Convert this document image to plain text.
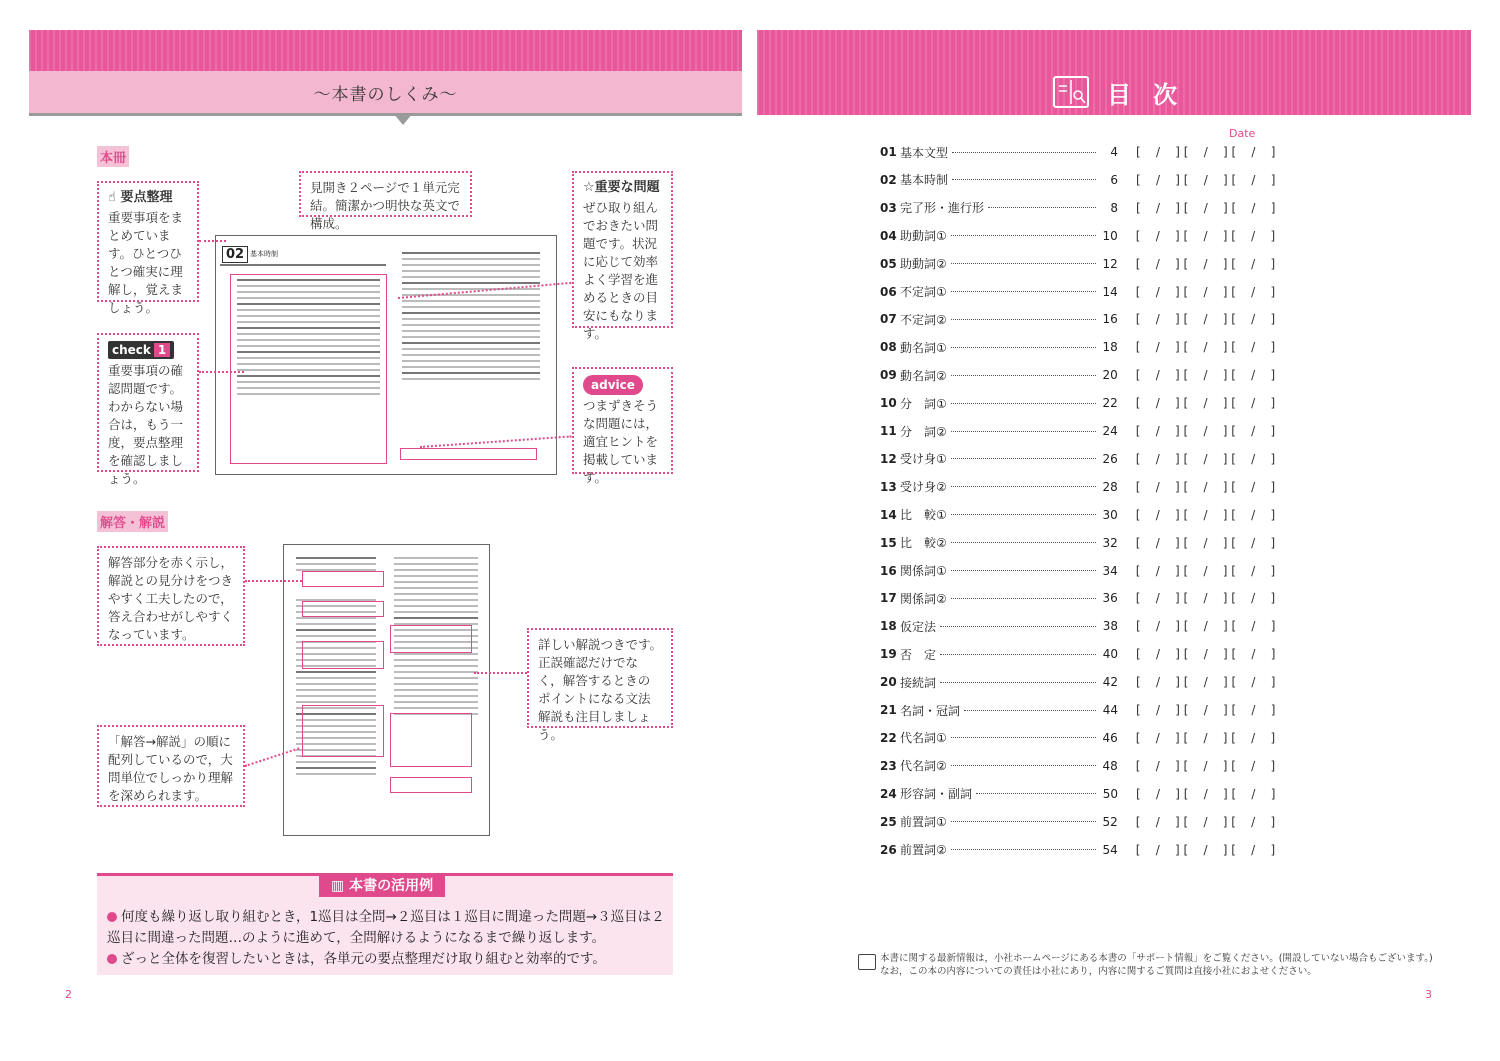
～本書のしくみ～	目次
本冊
解答・解説
☝ 要点整理
重要事項をまとめています。ひとつひとつ確実に理解し，覚えましょう。
check 1
重要事項の確認問題です。わからない場合は，もう一度，要点整理を確認しましょう。
見開き２ページで１単元完結。簡潔かつ明快な英文で構成。
☆重要な問題
ぜひ取り組んでおきたい問題です。状況に応じて効率よく学習を進めるときの目安にもなります。
advice
つまずきそうな問題には，適宜ヒントを掲載しています。
02 基本時制
解答部分を赤く示し，解説との見分けをつきやすく工夫したので，答え合わせがしやすくなっています。
「解答→解説」の順に配列しているので，大問単位でしっかり理解を深められます。
詳しい解説つきです。正誤確認だけでなく，解答するときのポイントになる文法解説も注目しましょう。
▥ 本書の活用例
何度も繰り返し取り組むとき，1巡目は全問→２巡目は１巡目に間違った問題→３巡目は２巡目に間違った問題…のように進めて，全問解けるようになるまで繰り返します。
ざっと全体を復習したいときは，各単元の要点整理だけ取り組むと効率的です。
2	3
Date
01 基本文型	4 [    /    ] [    /    ] [    /    ]
02 基本時制	6 [    /    ] [    /    ] [    /    ]
03 完了形・進行形	8 [    /    ] [    /    ] [    /    ]
04 助動詞①	10 [    /    ] [    /    ] [    /    ]
05 助動詞②	12 [    /    ] [    /    ] [    /    ]
06 不定詞①	14 [    /    ] [    /    ] [    /    ]
07 不定詞②	16 [    /    ] [    /    ] [    /    ]
08 動名詞①	18 [    /    ] [    /    ] [    /    ]
09 動名詞②	20 [    /    ] [    /    ] [    /    ]
10 分　詞①	22 [    /    ] [    /    ] [    /    ]
11 分　詞②	24 [    /    ] [    /    ] [    /    ]
12 受け身①	26 [    /    ] [    /    ] [    /    ]
13 受け身②	28 [    /    ] [    /    ] [    /    ]
14 比　較①	30 [    /    ] [    /    ] [    /    ]
15 比　較②	32 [    /    ] [    /    ] [    /    ]
16 関係詞①	34 [    /    ] [    /    ] [    /    ]
17 関係詞②	36 [    /    ] [    /    ] [    /    ]
18 仮定法	38 [    /    ] [    /    ] [    /    ]
19 否　定	40 [    /    ] [    /    ] [    /    ]
20 接続詞	42 [    /    ] [    /    ] [    /    ]
21 名詞・冠詞	44 [    /    ] [    /    ] [    /    ]
22 代名詞①	46 [    /    ] [    /    ] [    /    ]
23 代名詞②	48 [    /    ] [    /    ] [    /    ]
24 形容詞・副詞	50 [    /    ] [    /    ] [    /    ]
25 前置詞①	52 [    /    ] [    /    ] [    /    ]
26 前置詞②	54 [    /    ] [    /    ] [    /    ]
本書に関する最新情報は，小社ホームページにある本書の「サポート情報」をご覧ください。(開設していない場合もございます。)
なお，この本の内容についての責任は小社にあり，内容に関するご質問は直接小社におよせください。
